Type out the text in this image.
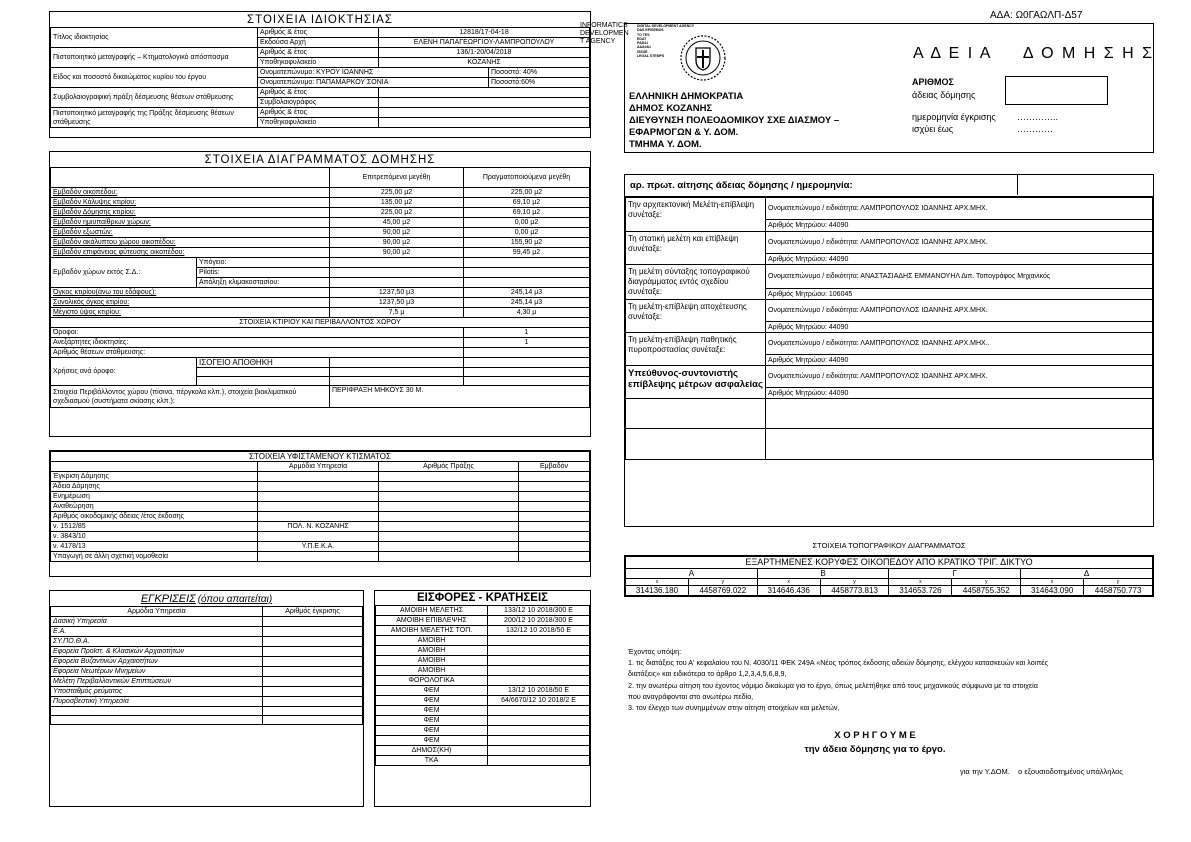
ΑΔΑ: Ω0ΓΑΩΛΠ-Δ57
INFORMATICS
DEVELOPMEN
T AGENCY
DIGITAL DEVELOPMENT AGENCY
DAS EPISEMOS
TO TES
EDAT
PAD41
AAA0A1
ISSUE
LEGAL STEMPS
ΣΤΟΙΧΕΙΑ ΙΔΙΟΚΤΗΣΙΑΣ
Τίτλος ιδιοκτησίας	Αριθμός & έτος	12818/17-04-18	
	Εκδούσα Αρχή	ΕΛΕΝΗ ΠΑΠΑΓΕΩΡΓΙΟΥ-ΛΑΜΠΡΟΠΟΥΛΟΥ	
Πιστοποιητικό μεταγραφής – Κτηματολογικό απόσπασμα	Αριθμός & έτος	136/1-20/04/2018	
	Υποθηκοφυλακείο	ΚΟΖΑΝΗΣ	
Είδος και ποσοστό δικαιώματος κυρίου του έργου	Ονοματεπώνυμο: ΚΥΡΟΥ ΙΩΑΝΝΗΣ		Ποσοστό: 40%
	Ονοματεπώνυμο: ΠΑΠΑΜΑΡΚΟΥ ΣΟΝΙΑ		Ποσοστό:60%
Συμβολαιογραφική πράξη δέσμευσης θέσεων στάθμευσης	Αριθμός & έτος		
	Συμβολαιογράφος		
Πιστοποιητικό μεταγραφής της Πράξης δέσμευσης θέσεων στάθμευσης	Αριθμός & έτος		
	Υποθηκοφυλακείο		
ΣΤΟΙΧΕΙΑ ΔΙΑΓΡΑΜΜΑΤΟΣ ΔΟΜΗΣΗΣ
		Επιτρεπόμενα μεγέθη	Πραγματοποιούμενα μεγέθη
Εμβαδόν οικοπέδου:		225,00 μ2	225,00 μ2
Εμβαδόν Κάλυψης κτιρίου:		135,00 μ2	69,10 μ2
Εμβαδόν Δόμησης κτιρίου:		225,00 μ2	69,10 μ2
Εμβαδόν ημιυπαίθριων χώρων:		45,00 μ2	0,00 μ2
Εμβαδόν εξωστών:		90,00 μ2	0,00 μ2
Εμβαδόν ακάλυπτου χώρου οικοπέδου:		90,00 μ2	155,90 μ2
Εμβαδόν επιφάνειας φύτευσης οικοπέδου:		90,00 μ2	99,45 μ2
Εμβαδόν χώρων εκτός Σ.Δ.:	Υπόγειο:		
	Pilotis:		
	Απόληξη κλιμακοστασίου:		
Όγκος κτιρίου(άνω του εδάφους):		1237,50 μ3	245,14 μ3
Συνολικός όγκος κτιρίου:		1237,50 μ3	245,14 μ3
Μέγιστο ύψος κτιρίου:		7,5 μ	4,30 μ
ΣΤΟΙΧΕΙΑ ΚΤΙΡΙΟΥ ΚΑΙ ΠΕΡΙΒΑΛΛΟΝΤΟΣ ΧΩΡΟΥ			
Όροφοι:			1
Ανεξάρτητες ιδιοκτησίες:			1
Αριθμός θέσεων στάθμευσης:			
Χρήσεις ανά όροφο:	ΙΣΟΓΕΙΟ ΑΠΟΘΗΚΗ		

Στοιχεία Περιβάλλοντος χώρου (πίσινα, πέργκολα κλπ.), στοιχεία βιοκλιματικού σχεδιασμού (συστήματα σκίασης κλπ.):		ΠΕΡΙΦΡΑΞΗ ΜΗΚΟΥΣ 30 Μ.	
ΣΤΟΙΧΕΙΑ ΥΦΙΣΤΑΜΕΝΟΥ ΚΤΙΣΜΑΤΟΣ			
	Αρμόδια Υπηρεσία	Αριθμός Πράξης	Εμβαδόν
Έγκριση Δόμησης			
Άδεια Δόμησης			
Ενημέρωση			
Αναθεώρηση			
Αριθμός οικοδομικής άδειας /έτος έκδοσης			
ν. 1512/85	ΠΟΛ. Ν. ΚΟΖΑΝΗΣ		
ν. 3843/10			
ν. 4178/13	Υ.Π.Ε.Κ.Α.		
Υπαγωγή σε άλλη σχετική νομοθεσία			
ΕΓΚΡΙΣΕΙΣ (όπου απαιτείται)
Αρμόδια Υπηρεσία	Αριθμός έγκρισης
Δασική Υπηρεσία	
Ε.Α.	
ΣΥ.ΠΟ.Θ.Α.	
Εφορεία Προϊστ. & Κλασικών Αρχαιοτήτων	
Εφορεία Βυζαντινών Αρχαιοτήτων	
Εφορεία Νεωτέρων Μνημείων	
Μελέτη Περιβαλλοντικών Επιπτώσεων	
Υποσταθμός ρεύματος	
Πυροσβεστική Υπηρεσία	

ΕΙΣΦΟΡΕΣ - ΚΡΑΤΗΣΕΙΣ
ΑΜΟΙΒΗ ΜΕΛΕΤΗΣ	133/12 10 2018/300 E
ΑΜΟΙΒΗ ΕΠΙΒΛΕΨΗΣ	200/12 10 2018/300 E
ΑΜΟΙΒΗ ΜΕΛΕΤΗΣ ΤΟΠ.	132/12 10 2018/50 E
ΑΜΟΙΒΗ	
ΑΜΟΙΒΗ	
ΑΜΟΙΒΗ	
ΑΜΟΙΒΗ	
ΦΟΡΟΛΟΓΙΚΑ	
ΦΕΜ	13/12 10 2018/50 E
ΦΕΜ	64/6670/12 10 2018/2 E
ΦΕΜ	
ΦΕΜ	
ΦΕΜ	
ΦΕΜ	
ΔΗΜΟΣ(ΚΗ)	
ΤΚΑ	
ΕΛΛΗΝΙΚΗ ΔΗΜΟΚΡΑΤΙΑ
ΔΗΜΟΣ ΚΟΖΑΝΗΣ
ΔΙΕΥΘΥΝΣΗ ΠΟΛΕΟΔΟΜΙΚΟΥ ΣΧΕ ΔΙΑΣΜΟΥ –
ΕΦΑΡΜΟΓΩΝ & Υ. ΔΟΜ.
ΤΜΗΜΑ Υ. ΔΟΜ.
Α Δ Ε Ι Α     Δ Ο Μ Η Σ Η Σ
ΑΡΙΘΜΟΣ
άδειας δόμησης
ημερομηνία έγκρισης …………..
ισχύει έως	…………
αρ. πρωτ. αίτησης άδειας δόμησης / ημερομηνία:
Την αρχιτεκτονική Μελέτη-επίβλεψη συνέταξε:	Ονοματεπώνυμο / ειδικότητα: ΛΑΜΠΡΟΠΟΥΛΟΣ ΙΩΑΝΝΗΣ ΑΡΧ.ΜΗΧ.
	Αριθμός Μητρώου: 44090
Τη στατική μελέτη και επίβλεψη συνέταξε:	Ονοματεπώνυμο / ειδικότητα: ΛΑΜΠΡΟΠΟΥΛΟΣ ΙΩΑΝΝΗΣ ΑΡΧ.ΜΗΧ.
	Αριθμός Μητρώου: 44090
Τη μελέτη σύνταξης τοπογραφικού διαγράμματος εντός σχεδίου συνέταξε:	Ονοματεπώνυμο / ειδικότητα: ΑΝΑΣΤΑΣΙΑΔΗΣ ΕΜΜΑΝΟΥΗΛ Διπ. Τοπογράφος Μηχανικός
	Αριθμός Μητρώου: 106045
Τη μελέτη-επίβλεψη αποχέτευσης συνέταξε:	Ονοματεπώνυμο / ειδικότητα: ΛΑΜΠΡΟΠΟΥΛΟΣ ΙΩΑΝΝΗΣ ΑΡΧ.ΜΗΧ.
	Αριθμός Μητρώου: 44090
Τη μελέτη-επίβλεψη παθητικής πυροπροστασίας συνέταξε:	Ονοματεπώνυμο / ειδικότητα: ΛΑΜΠΡΟΠΟΥΛΟΣ ΙΩΑΝΝΗΣ ΑΡΧ.ΜΗΧ..
	Αριθμός Μητρώου: 44090
Υπεύθυνος-συντονιστής επίβλεψης μέτρων ασφαλείας	Ονοματεπώνυμο / ειδικότητα: ΛΑΜΠΡΟΠΟΥΛΟΣ ΙΩΑΝΝΗΣ ΑΡΧ.ΜΗΧ.
	Αριθμός Μητρώου: 44090

ΣΤΟΙΧΕΙΑ ΤΟΠΟΓΡΑΦΙΚΟΥ ΔΙΑΓΡΑΜΜΑΤΟΣ
ΕΞΑΡΤΗΜΕΝΕΣ ΚΟΡΥΦΕΣ ΟΙΚΟΠΕΔΟΥ ΑΠΟ ΚΡΑΤΙΚΟ ΤΡΙΓ. ΔΙΚΤΥΟ							
Α		Β		Γ		Δ	
x	y	x	y	x	y	x	y
314136.180	4458769.022	314646.436	4458773.813	314653.726	4458755.352	314643.090	4458750.773
Έχοντας υπόψη:
1. τις διατάξεις του Α' κεφαλαίου του Ν. 4030/11 ΦΕΚ 249Α «Νέος τρόπος έκδοσης αδειών δόμησης, ελέγχου κατασκευών και λοιπές
διατάξεις» και ειδικότερα το άρθρο 1,2,3,4,5,6,8,9,
2. την ανωτέρω αίτηση του έχοντος νόμιμο δικαίωμα για το έργο, όπως μελετήθηκε από τους μηχανικούς σύμφωνα με τα στοιχεία
που αναγράφονται στο ανωτέρω πεδίο,
3. τον έλεγχο των συνημμένων στην αίτηση στοιχείων και μελετών,
Χ Ο Ρ Η Γ Ο Υ Μ Ε
την άδεια δόμησης για το έργο.
για την Υ.ΔΟΜ.    ο εξουσιοδοτημένος υπάλληλος
